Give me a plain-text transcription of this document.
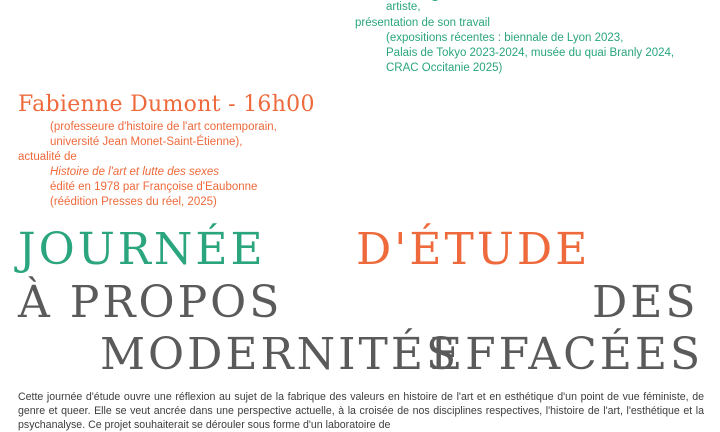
artiste,

présentation de son travail

(expositions récentes : biennale de Lyon 2023,

Palais de Tokyo 2023-2024, musée du quai Branly 2024,

CRAC Occitanie 2025)

Fabienne Dumont - 16h00

(professeure d'histoire de l'art contemporain,

université Jean Monet-Saint-Étienne),

actualité de

Histoire de l'art et lutte des sexes

édité en 1978 par Françoise d'Eaubonne

(réédition Presses du réel, 2025)

JOURNÉE D'ÉTUDE

À PROPOS	DES

MODERNITÉS

EFFACÉES

Cette journée d'étude ouvre une réflexion au sujet de la fabrique des valeurs en histoire de l'art et en esthétique d'un point de vue féministe, de genre et queer. Elle se veut ancrée dans une perspective actuelle, à la croisée de nos disciplines respectives, l'histoire de l'art, l'esthétique et la psychanalyse. Ce projet souhaiterait se dérouler sous forme d'un laboratoire de
